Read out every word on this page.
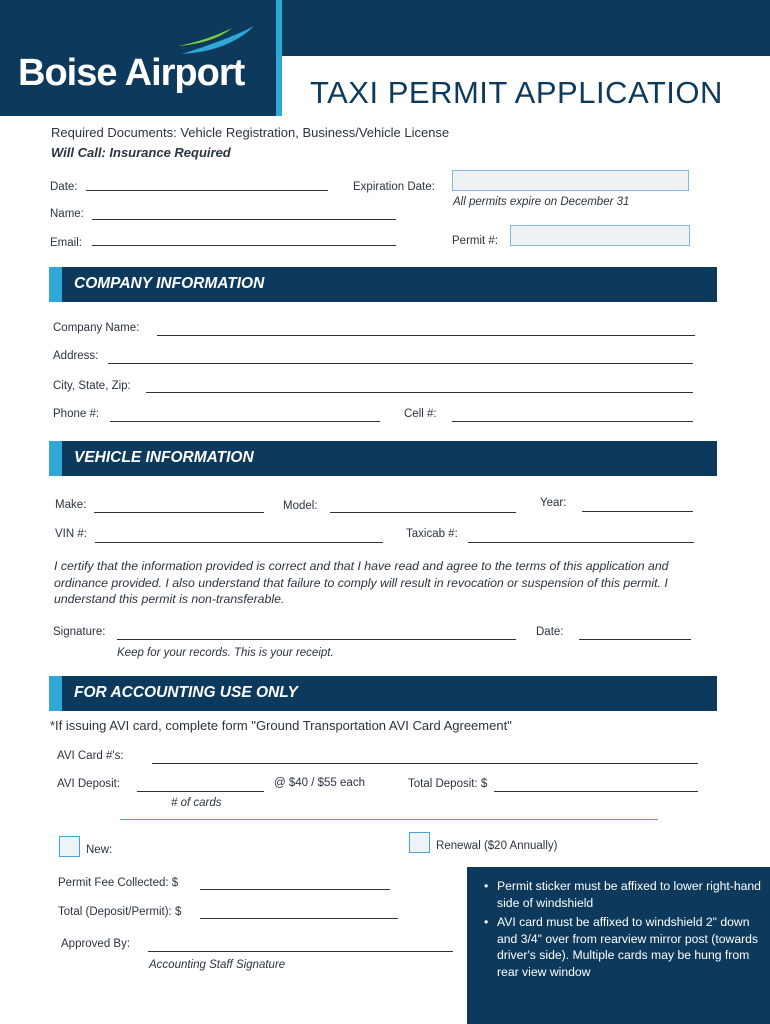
Boise Airport TAXI PERMIT APPLICATION
Required Documents: Vehicle Registration, Business/Vehicle License
Will Call: Insurance Required
Date:	Expiration Date:
All permits expire on December 31
Name:
Email:	Permit #:
COMPANY INFORMATION
Company Name:
Address:
City, State, Zip:
Phone #:	Cell #:
VEHICLE INFORMATION
Make:	Model:	Year:
VIN #:	Taxicab #:
I certify that the information provided is correct and that I have read and agree to the terms of this application and ordinance provided. I also understand that failure to comply will result in revocation or suspension of this permit. I understand this permit is non-transferable.
Signature:	Date:
Keep for your records. This is your receipt.
FOR ACCOUNTING USE ONLY
*If issuing AVI card, complete form "Ground Transportation AVI Card Agreement"
AVI Card #'s:
AVI Deposit:	@ $40 / $55 each	Total Deposit: $
# of cards
New:	Renewal ($20 Annually)
Permit Fee Collected: $
Total (Deposit/Permit): $
Approved By:
Accounting Staff Signature
• Permit sticker must be affixed to lower right-hand side of windshield
• AVI card must be affixed to windshield 2" down and 3/4" over from rearview mirror post (towards driver's side). Multiple cards may be hung from rear view window
